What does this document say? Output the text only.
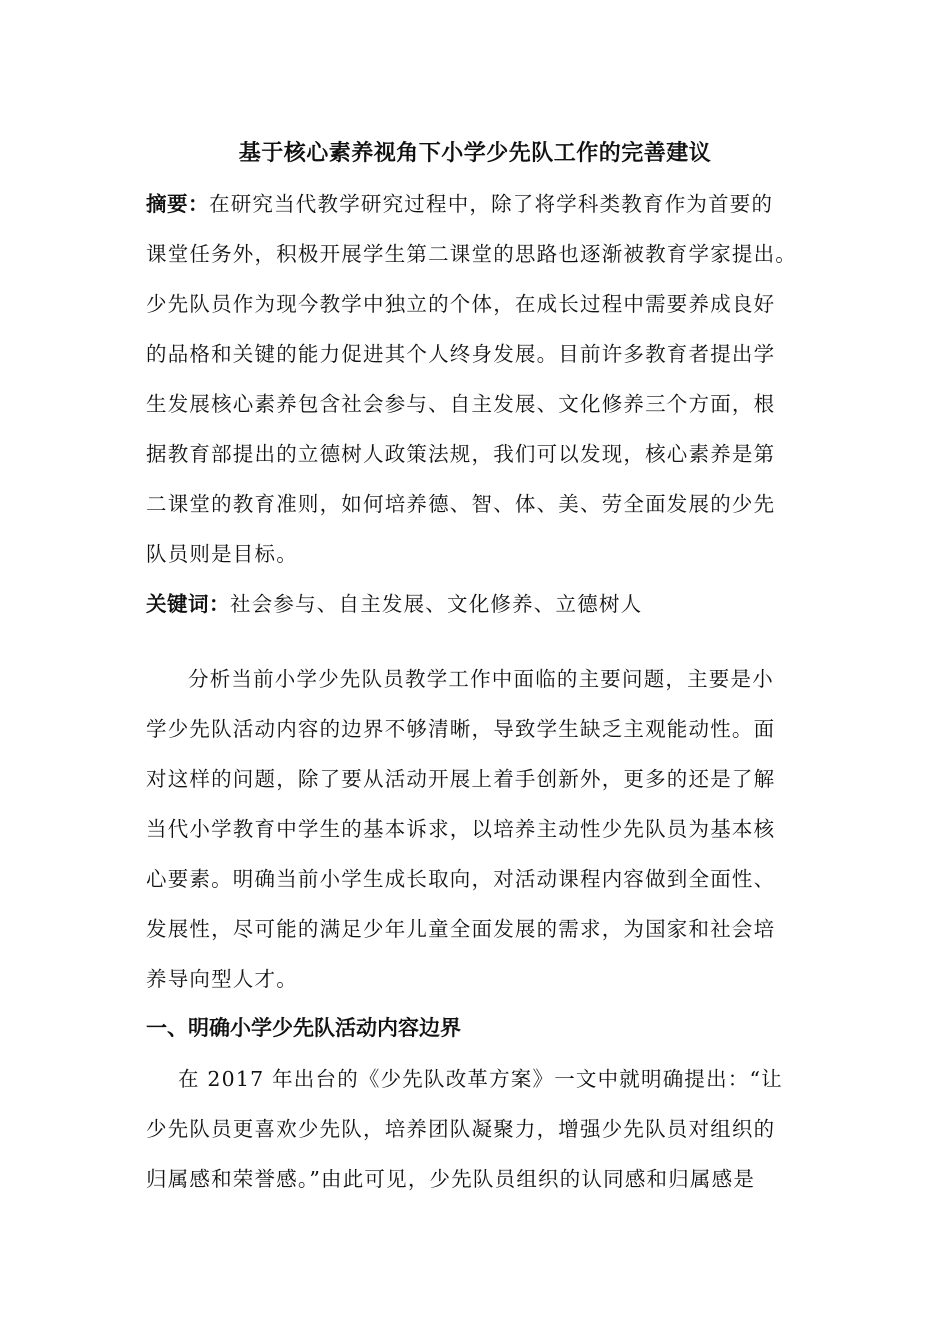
基于核心素养视角下小学少先队工作的完善建议
摘要：在研究当代教学研究过程中，除了将学科类教育作为首要的
课堂任务外，积极开展学生第二课堂的思路也逐渐被教育学家提出。
少先队员作为现今教学中独立的个体，在成长过程中需要养成良好
的品格和关键的能力促进其个人终身发展。目前许多教育者提出学
生发展核心素养包含社会参与、自主发展、文化修养三个方面，根
据教育部提出的立德树人政策法规，我们可以发现，核心素养是第
二课堂的教育准则，如何培养德、智、体、美、劳全面发展的少先
队员则是目标。
关键词：社会参与、自主发展、文化修养、立德树人
分析当前小学少先队员教学工作中面临的主要问题，主要是小
学少先队活动内容的边界不够清晰，导致学生缺乏主观能动性。面
对这样的问题，除了要从活动开展上着手创新外，更多的还是了解
当代小学教育中学生的基本诉求，以培养主动性少先队员为基本核
心要素。明确当前小学生成长取向，对活动课程内容做到全面性、
发展性，尽可能的满足少年儿童全面发展的需求，为国家和社会培
养导向型人才。
一、明确小学少先队活动内容边界
在 2017 年出台的《少先队改革方案》一文中就明确提出：“让
少先队员更喜欢少先队，培养团队凝聚力，增强少先队员对组织的
归属感和荣誉感。”由此可见，少先队员组织的认同感和归属感是
